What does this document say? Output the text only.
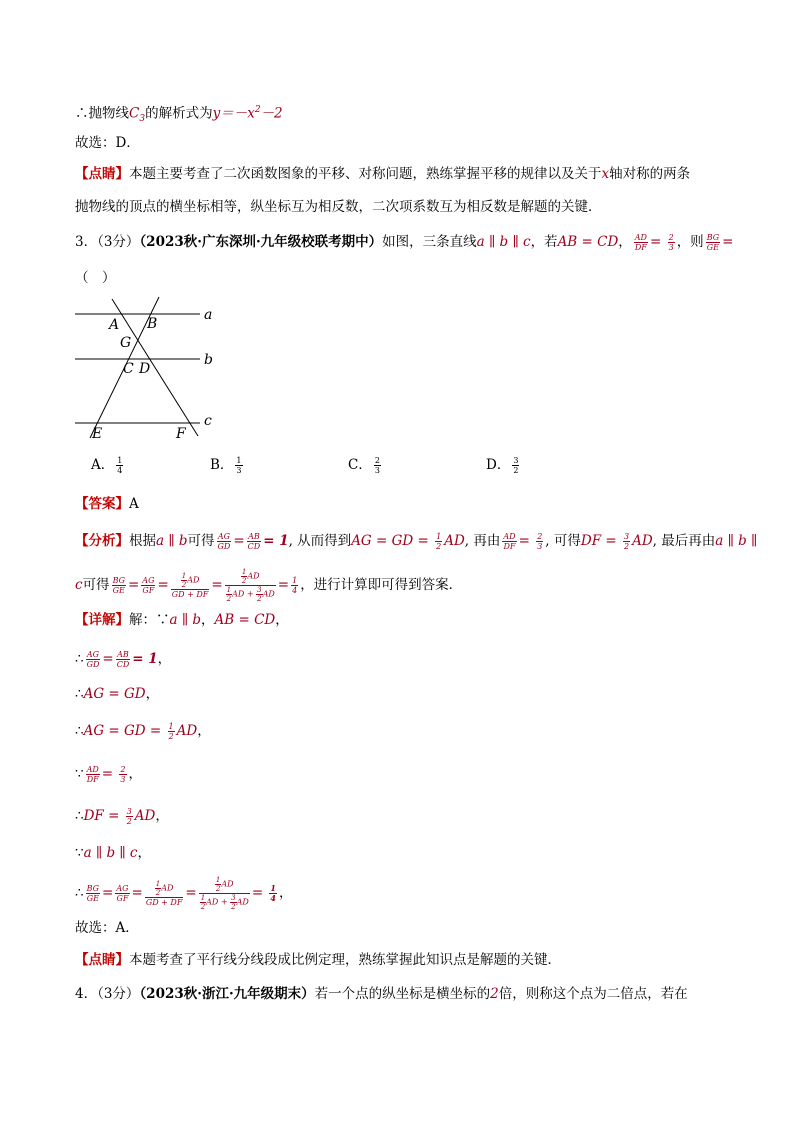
∴抛物线$C_3$的解析式为$y=-x^2-2$
故选：D．
【点睛】本题主要考查了二次函数图象的平移、对称问题，熟练掌握平移的规律以及关于x轴对称的两条
抛物线的顶点的横坐标相等，纵坐标互为相反数，二次项系数互为相反数是解题的关键．
3．（3分）（2023秋·广东深圳·九年级校联考期中）如图，三条直线a ∥ b ∥ c，若AB = CD， $\frac{AD}{DF} = \frac{2}{3}$ ，则 $\frac{BG}{GE}$ =
（　）
a
b
c
A B
G
C D
E	F
A． $\frac{1}{4}$	B． $\frac{1}{3}$	C． $\frac{2}{3}$	D． $\frac{3}{2}$
【答案】A
【分析】根据a ∥ b可得 $\frac{AG}{GD} = \frac{AB}{CD} = 1$, 从而得到AG = GD = $\frac{1}{2}$ AD, 再由 $\frac{AD}{DF} = \frac{2}{3}$ , 可得DF = $\frac{3}{2}$ AD, 最后再由a ∥ b ∥
c可得 $\frac{BG}{GE} = \frac{AG}{GF} = \frac{\frac{1}{2} AD}{GD + DF} = \frac{\frac{1}{2} AD}{\frac{1}{2} AD + \frac{3}{2} AD} = \frac{1}{4}$ ，进行计算即可得到答案．
【详解】解：∵a ∥ b，AB = CD，
∴ $\frac{AG}{GD} = \frac{AB}{CD} = 1$，
∴AG = GD，
∴AG = GD = $\frac{1}{2}$ AD，
∵ $\frac{AD}{DF} = \frac{2}{3}$ ，
∴DF = $\frac{3}{2}$ AD，
∵a ∥ b ∥ c，
∴ $\frac{BG}{GE} = \frac{AG}{GF} = \frac{\frac{1}{2} AD}{GD + DF} = \frac{\frac{1}{2} AD}{\frac{1}{2} AD + \frac{3}{2} AD} = \frac{1}{4}$ ，
故选：A．
【点睛】本题考查了平行线分线段成比例定理，熟练掌握此知识点是解题的关键．
4．（3分）（2023秋·浙江·九年级期末）若一个点的纵坐标是横坐标的2倍，则称这个点为二倍点，若在
